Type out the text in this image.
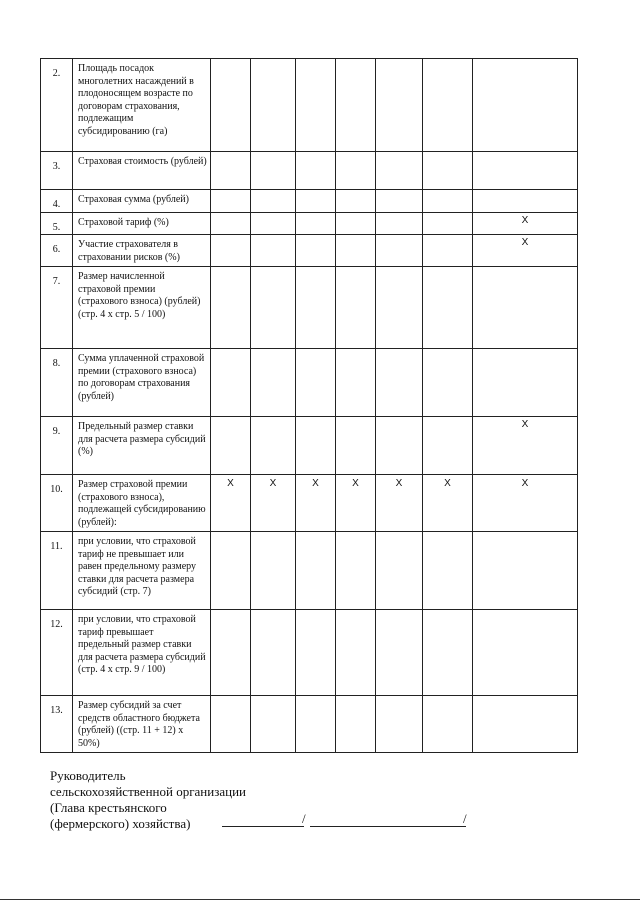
2.	Площадь посадок многолетних насаждений в плодоносящем возрасте по договорам страхования, подлежащим субсидированию (га)							
3.	Страховая стоимость (рублей)							
4.	Страховая сумма (рублей)							
5.	Страховой тариф (%)							X
6.	Участие страхователя в страховании рисков (%)							X
7.	Размер начисленной страховой премии (страхового взноса) (рублей) (стр. 4 x стр. 5 / 100)							
8.	Сумма уплаченной страховой премии (страхового взноса) по договорам страхования (рублей)							
9.	Предельный размер ставки для расчета размера субсидий (%)							X
10.	Размер страховой премии (страхового взноса), подлежащей субсидированию (рублей):	X	X	X	X	X	X	X
11.	при условии, что страховой тариф не превышает или равен предельному размеру ставки для расчета размера субсидий (стр. 7)							
12.	при условии, что страховой тариф превышает предельный размер ставки для расчета размера субсидий (стр. 4 x стр. 9 / 100)							
13.	Размер субсидий за счет средств областного бюджета (рублей) ((стр. 11 + 12) x 50%)							
Руководитель
сельскохозяйственной организации
(Глава крестьянского
(фермерского) хозяйства)	/	/
